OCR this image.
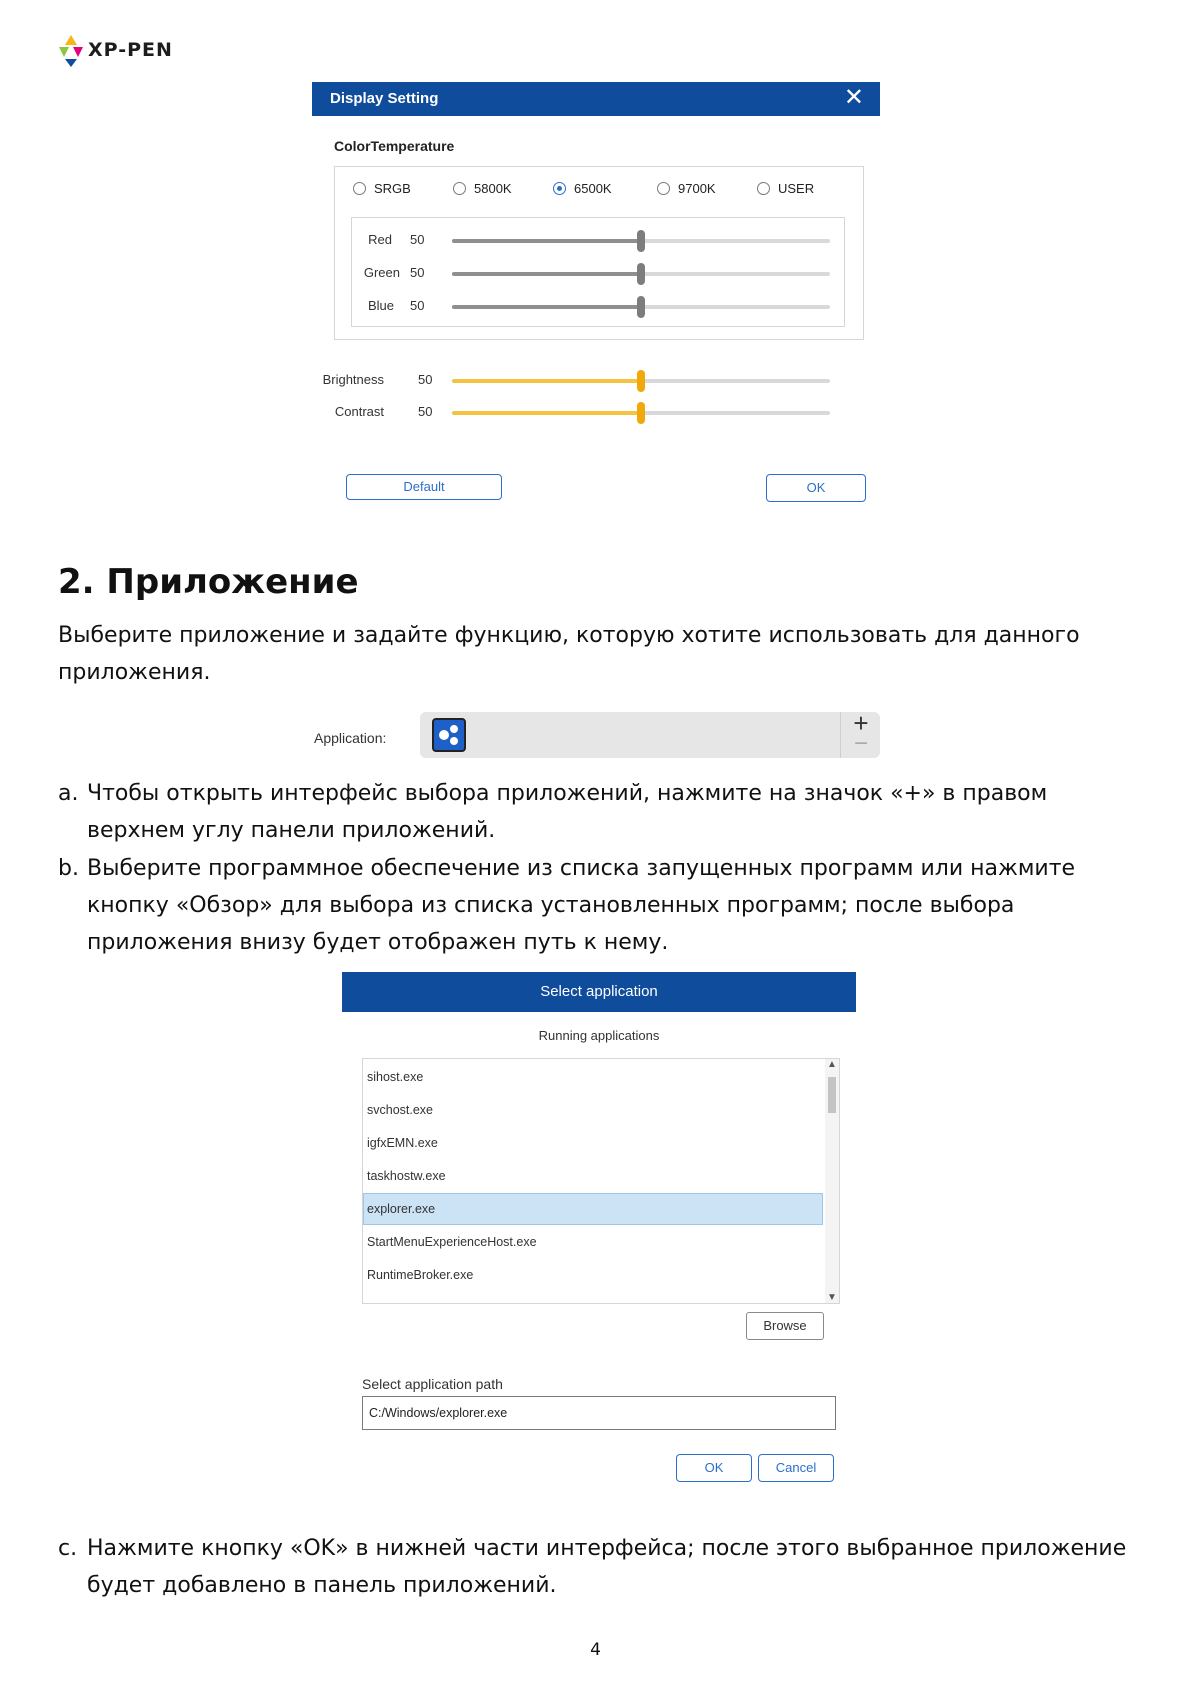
XP-PEN
Display Setting	✕
ColorTemperature
SRGB	5800K	6500K	9700K	USER
Red 50
Green 50
Blue 50
Brightness	50
Contrast	50
Default	OK
2. Приложение
Выберите приложение и задайте функцию, которую хотите использовать для данного приложения.
Application:	+
−
a. Чтобы открыть интерфейс выбора приложений, нажмите на значок «+» в правом
верхнем углу панели приложений.
b. Выберите программное обеспечение из списка запущенных программ или нажмите
кнопку «Обзор» для выбора из списка установленных программ; после выбора
приложения внизу будет отображен путь к нему.
Select application
Running applications
sihost.exe
svchost.exe
igfxEMN.exe
taskhostw.exe
explorer.exe
StartMenuExperienceHost.exe
RuntimeBroker.exe
▲
▼
Browse
Select application path
C:/Windows/explorer.exe
OK	Cancel
c. Нажмите кнопку «OK» в нижней части интерфейса; после этого выбранное приложение
будет добавлено в панель приложений.
4
